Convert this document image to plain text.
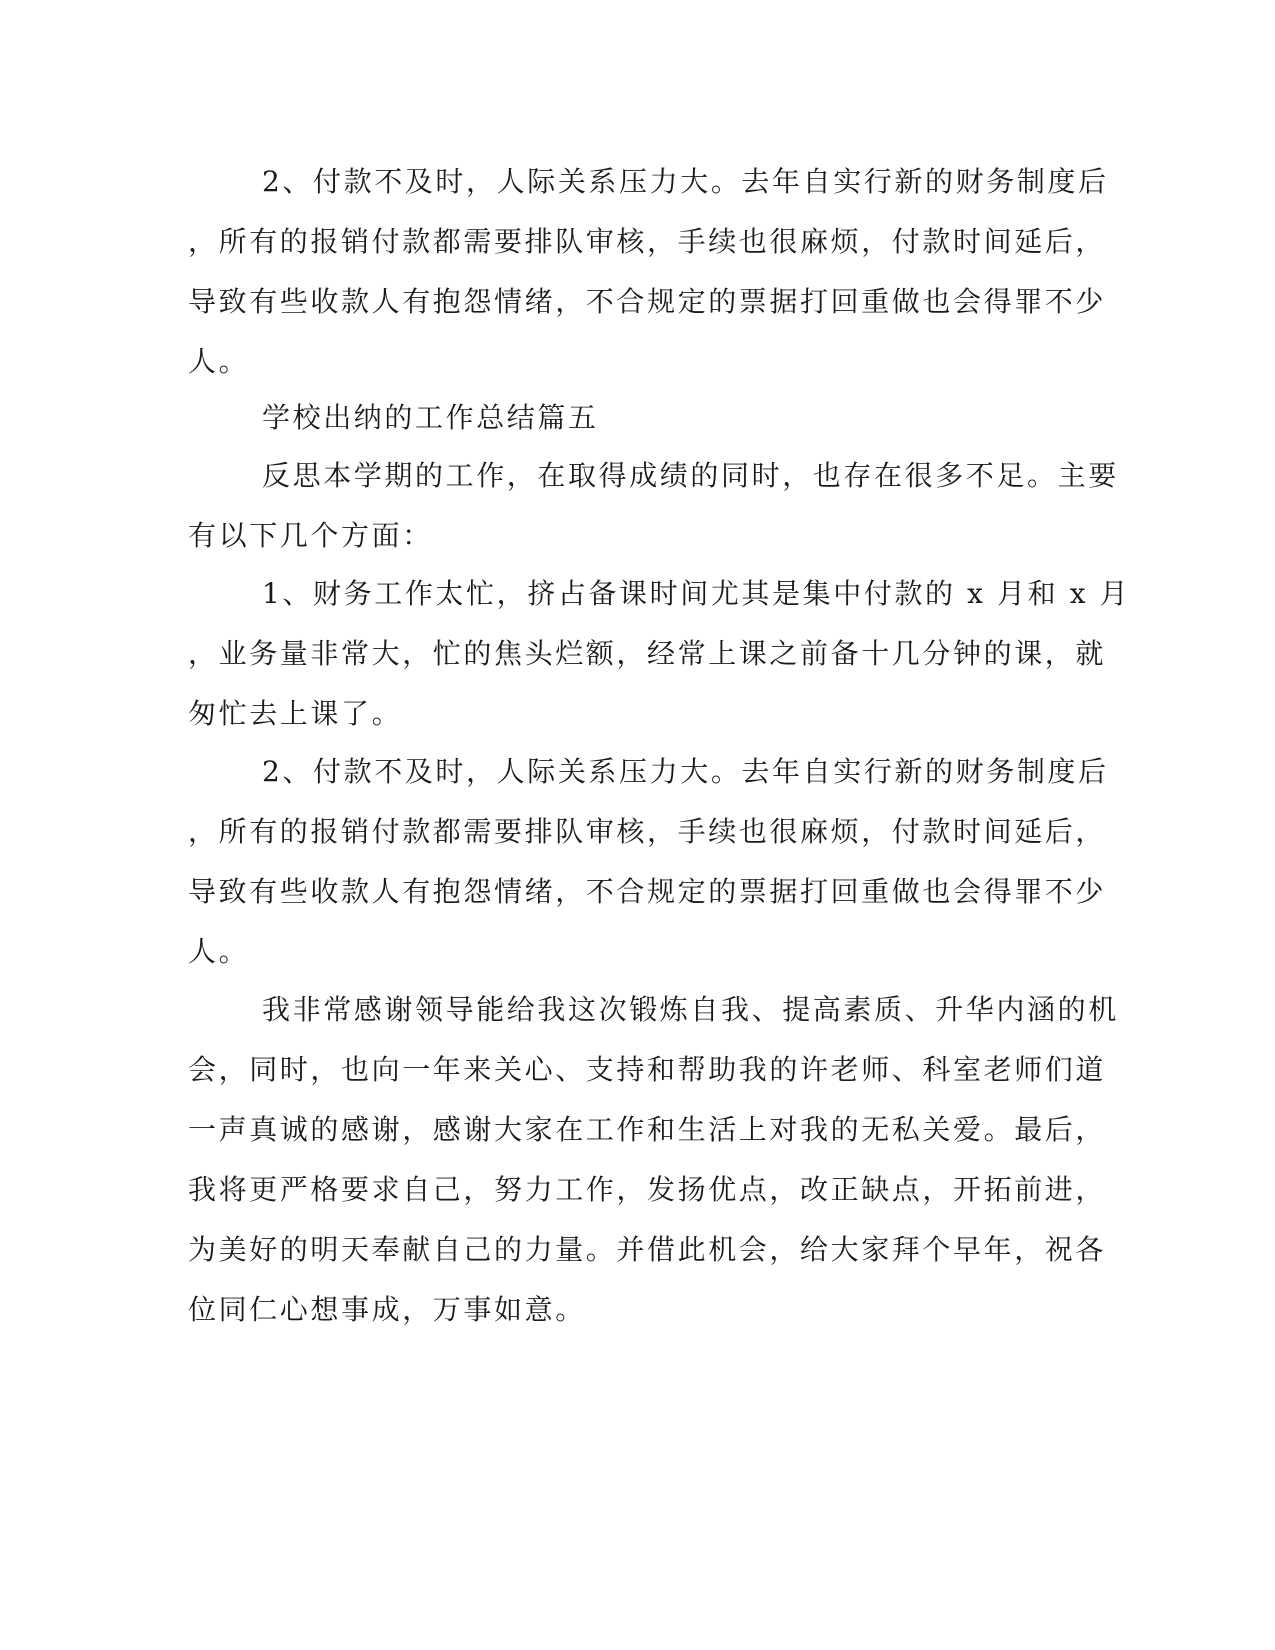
2、付款不及时，人际关系压力大。去年自实行新的财务制度后

，所有的报销付款都需要排队审核，手续也很麻烦，付款时间延后，

导致有些收款人有抱怨情绪，不合规定的票据打回重做也会得罪不少

人。

学校出纳的工作总结篇五

反思本学期的工作，在取得成绩的同时，也存在很多不足。主要

有以下几个方面：

1、财务工作太忙，挤占备课时间尤其是集中付款的 x 月和 x 月

，业务量非常大，忙的焦头烂额，经常上课之前备十几分钟的课，就

匆忙去上课了。

2、付款不及时，人际关系压力大。去年自实行新的财务制度后

，所有的报销付款都需要排队审核，手续也很麻烦，付款时间延后，

导致有些收款人有抱怨情绪，不合规定的票据打回重做也会得罪不少

人。

我非常感谢领导能给我这次锻炼自我、提高素质、升华内涵的机

会，同时，也向一年来关心、支持和帮助我的许老师、科室老师们道

一声真诚的感谢，感谢大家在工作和生活上对我的无私关爱。最后，

我将更严格要求自己，努力工作，发扬优点，改正缺点，开拓前进，

为美好的明天奉献自己的力量。并借此机会，给大家拜个早年，祝各

位同仁心想事成，万事如意。
